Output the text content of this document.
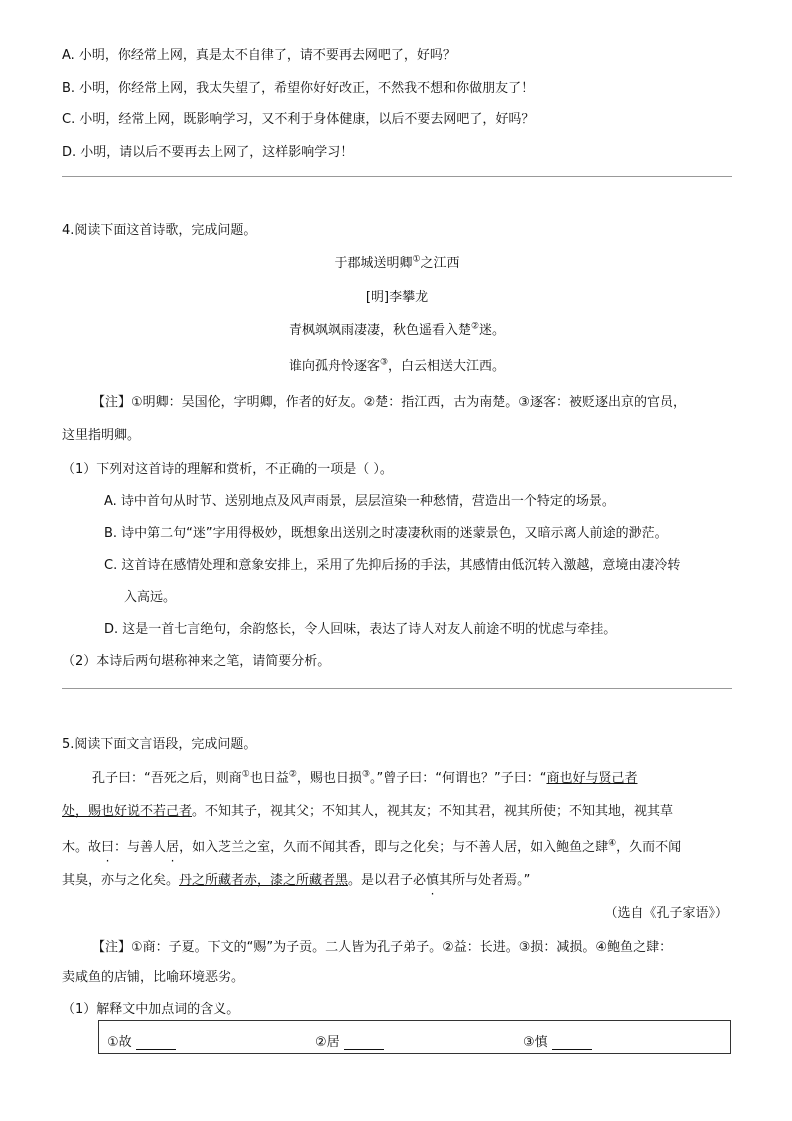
A. 小明，你经常上网，真是太不自律了，请不要再去网吧了，好吗？
B. 小明，你经常上网，我太失望了，希望你好好改正，不然我不想和你做朋友了！
C. 小明，经常上网，既影响学习，又不利于身体健康，以后不要去网吧了，好吗？
D. 小明，请以后不要再去上网了，这样影响学习！
4.阅读下面这首诗歌，完成问题。
于郡城送明卿①之江西
[明]李攀龙
青枫飒飒雨凄凄，秋色遥看入楚②迷。
谁向孤舟怜逐客③，白云相送大江西。
【注】①明卿：吴国伦，字明卿，作者的好友。②楚：指江西，古为南楚。③逐客：被贬逐出京的官员，
这里指明卿。
（1）下列对这首诗的理解和赏析，不正确的一项是（ ）。
A. 诗中首句从时节、送别地点及风声雨景，层层渲染一种愁情，营造出一个特定的场景。
B. 诗中第二句“迷”字用得极妙，既想象出送别之时凄凄秋雨的迷蒙景色，又暗示离人前途的渺茫。
C. 这首诗在感情处理和意象安排上，采用了先抑后扬的手法，其感情由低沉转入激越，意境由凄冷转
入高远。
D. 这是一首七言绝句，余韵悠长，令人回味，表达了诗人对友人前途不明的忧虑与牵挂。
（2）本诗后两句堪称神来之笔，请简要分析。
5.阅读下面文言语段，完成问题。
孔子曰：“吾死之后，则商①也日益②，赐也日损③。”曾子曰：“何谓也？”子曰：“商也好与贤己者
处，赐也好说不若己者。不知其子，视其父；不知其人，视其友；不知其君，视其所使；不知其地，视其草
木。故曰：与善人居，如入芝兰之室，久而不闻其香，即与之化矣；与不善人居，如入鲍鱼之肆④，久而不闻
其臭，亦与之化矣。丹之所藏者赤，漆之所藏者黑。是以君子必慎其所与处者焉。”
（选自《孔子家语》）
【注】①商：子夏。下文的“赐”为子贡。二人皆为孔子弟子。②益：长进。③损：减损。④鲍鱼之肆：
卖咸鱼的店铺，比喻环境恶劣。
（1）解释文中加点词的含义。
①故	②居	③慎
